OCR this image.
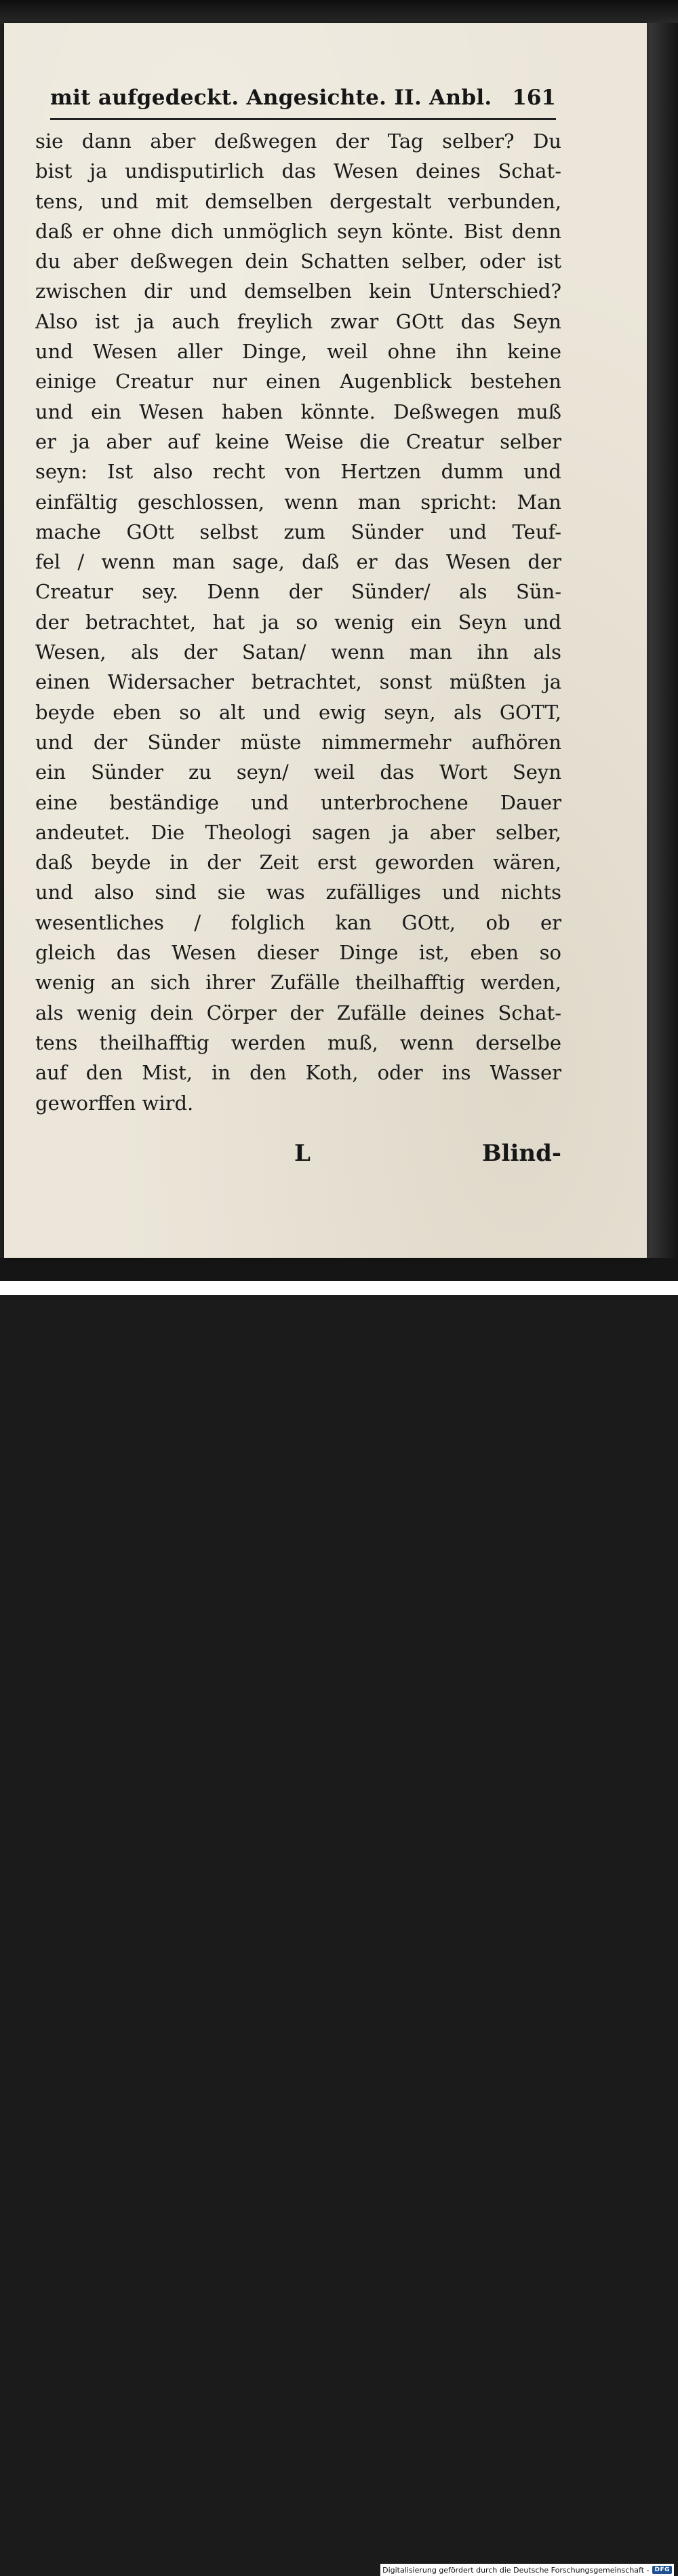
mit aufgedeckt. Angesichte. II. Anbl. 161
sie dann aber deßwegen der Tag selber? Du
bist ja undisputirlich das Wesen deines Schat-
tens, und mit demselben dergestalt verbunden,
daß er ohne dich unmöglich seyn könte. Bist denn
du aber deßwegen dein Schatten selber, oder ist
zwischen dir und demselben kein Unterschied?
Also ist ja auch freylich zwar GOtt das Seyn
und Wesen aller Dinge, weil ohne ihn keine
einige Creatur nur einen Augenblick bestehen
und ein Wesen haben könnte. Deßwegen muß
er ja aber auf keine Weise die Creatur selber
seyn: Ist also recht von Hertzen dumm und
einfältig geschlossen, wenn man spricht: Man
mache GOtt selbst zum Sünder und Teuf-
fel / wenn man sage, daß er das Wesen der
Creatur sey. Denn der Sünder/ als Sün-
der betrachtet, hat ja so wenig ein Seyn und
Wesen, als der Satan/ wenn man ihn als
einen Widersacher betrachtet, sonst müßten ja
beyde eben so alt und ewig seyn, als GOTT,
und der Sünder müste nimmermehr aufhören
ein Sünder zu seyn/ weil das Wort Seyn
eine beständige und unterbrochene Dauer
andeutet. Die Theologi sagen ja aber selber,
daß beyde in der Zeit erst geworden wären,
und also sind sie was zufälliges und nichts
wesentliches / folglich kan GOtt, ob er
gleich das Wesen dieser Dinge ist, eben so
wenig an sich ihrer Zufälle theilhafftig werden,
als wenig dein Cörper der Zufälle deines Schat-
tens theilhafftig werden muß, wenn derselbe
auf den Mist, in den Koth, oder ins Wasser
geworffen wird.
L	Blind-
Digitalisierung gefördert durch die Deutsche Forschungsgemeinschaft - DFG
